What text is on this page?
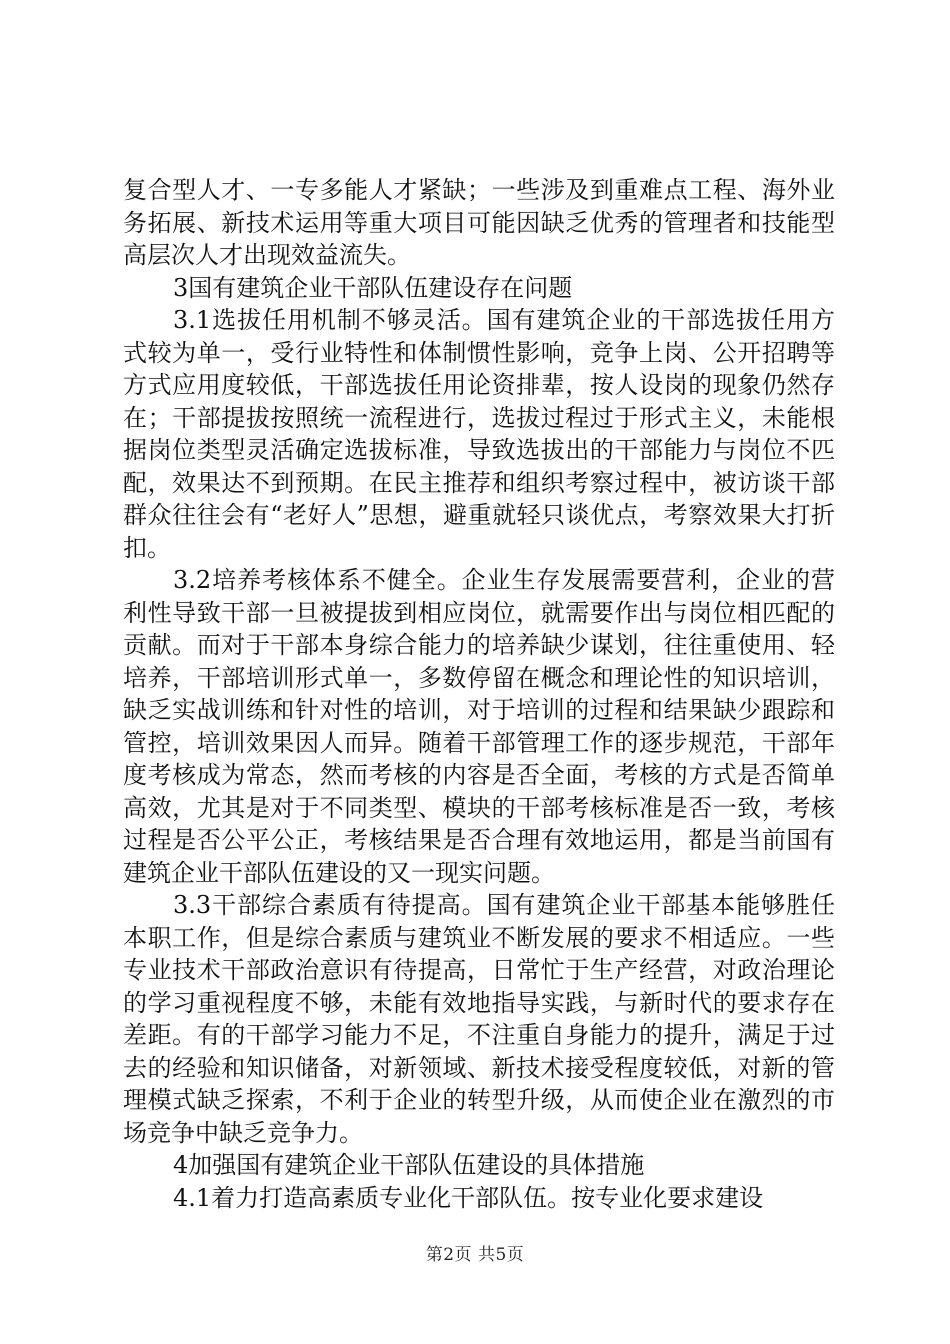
复合型人才、一专多能人才紧缺；一些涉及到重难点工程、海外业务拓展、新技术运用等重大项目可能因缺乏优秀的管理者和技能型高层次人才出现效益流失。

3国有建筑企业干部队伍建设存在问题

3.1选拔任用机制不够灵活。国有建筑企业的干部选拔任用方式较为单一，受行业特性和体制惯性影响，竞争上岗、公开招聘等方式应用度较低，干部选拔任用论资排辈，按人设岗的现象仍然存在；干部提拔按照统一流程进行，选拔过程过于形式主义，未能根据岗位类型灵活确定选拔标准，导致选拔出的干部能力与岗位不匹配，效果达不到预期。在民主推荐和组织考察过程中，被访谈干部群众往往会有“老好人”思想，避重就轻只谈优点，考察效果大打折扣。

3.2培养考核体系不健全。企业生存发展需要营利，企业的营利性导致干部一旦被提拔到相应岗位，就需要作出与岗位相匹配的贡献。而对于干部本身综合能力的培养缺少谋划，往往重使用、轻培养，干部培训形式单一，多数停留在概念和理论性的知识培训，缺乏实战训练和针对性的培训，对于培训的过程和结果缺少跟踪和管控，培训效果因人而异。随着干部管理工作的逐步规范，干部年度考核成为常态，然而考核的内容是否全面，考核的方式是否简单高效，尤其是对于不同类型、模块的干部考核标准是否一致，考核过程是否公平公正，考核结果是否合理有效地运用，都是当前国有建筑企业干部队伍建设的又一现实问题。

3.3干部综合素质有待提高。国有建筑企业干部基本能够胜任本职工作，但是综合素质与建筑业不断发展的要求不相适应。一些专业技术干部政治意识有待提高，日常忙于生产经营，对政治理论的学习重视程度不够，未能有效地指导实践，与新时代的要求存在差距。有的干部学习能力不足，不注重自身能力的提升，满足于过去的经验和知识储备，对新领域、新技术接受程度较低，对新的管理模式缺乏探索，不利于企业的转型升级，从而使企业在激烈的市场竞争中缺乏竞争力。

4加强国有建筑企业干部队伍建设的具体措施

4.1着力打造高素质专业化干部队伍。按专业化要求建设

第2页 共5页
